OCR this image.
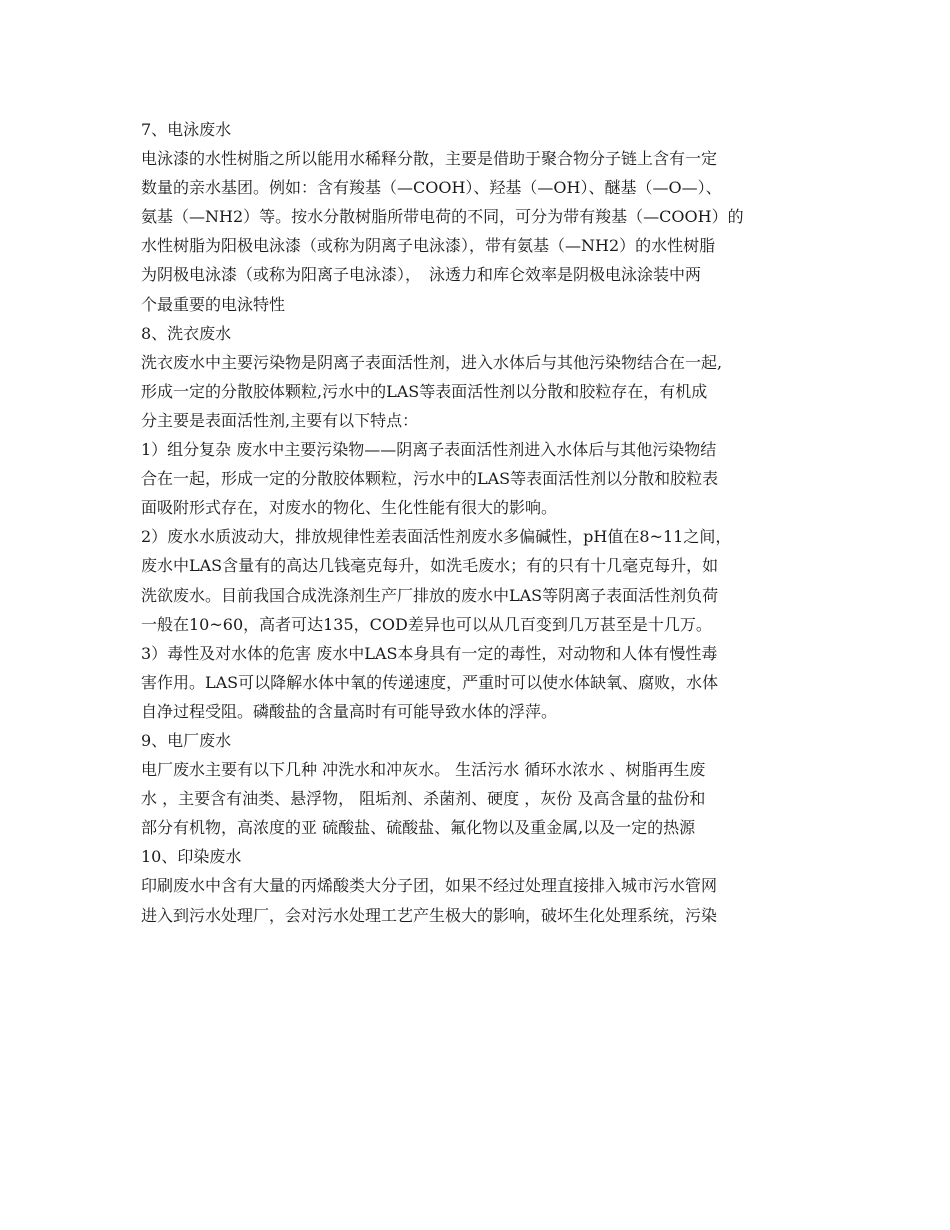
7、电泳废水
电泳漆的水性树脂之所以能用水稀释分散，主要是借助于聚合物分子链上含有一定
数量的亲水基团。例如：含有羧基（—COOH）、羟基（—OH）、醚基（—O—）、
氨基（—NH2）等。按水分散树脂所带电荷的不同，可分为带有羧基（—COOH）的
水性树脂为阳极电泳漆（或称为阴离子电泳漆），带有氨基（—NH2）的水性树脂
为阴极电泳漆（或称为阳离子电泳漆），　泳透力和库仑效率是阴极电泳涂装中两
个最重要的电泳特性
8、洗衣废水
洗衣废水中主要污染物是阴离子表面活性剂，进入水体后与其他污染物结合在一起,
形成一定的分散胶体颗粒,污水中的LAS等表面活性剂以分散和胶粒存在，有机成
分主要是表面活性剂,主要有以下特点：
1）组分复杂 废水中主要污染物——阴离子表面活性剂进入水体后与其他污染物结
合在一起，形成一定的分散胶体颗粒，污水中的LAS等表面活性剂以分散和胶粒表
面吸附形式存在，对废水的物化、生化性能有很大的影响。
2）废水水质波动大，排放规律性差表面活性剂废水多偏碱性，pH值在8~11之间，
废水中LAS含量有的高达几钱毫克每升，如洗毛废水；有的只有十几毫克每升，如
洗欲废水。目前我国合成洗涤剂生产厂排放的废水中LAS等阴离子表面活性剂负荷
一般在10~60，高者可达135，COD差异也可以从几百变到几万甚至是十几万。
3）毒性及对水体的危害 废水中LAS本身具有一定的毒性，对动物和人体有慢性毒
害作用。LAS可以降解水体中氧的传递速度，严重时可以使水体缺氧、腐败，水体
自净过程受阻。磷酸盐的含量高时有可能导致水体的浮萍。
9、电厂废水
电厂废水主要有以下几种 冲洗水和冲灰水。 生活污水 循环水浓水 、树脂再生废
水 ，主要含有油类、悬浮物， 阻垢剂、杀菌剂、硬度 ，灰份 及高含量的盐份和
部分有机物，高浓度的亚 硫酸盐、硫酸盐、氟化物以及重金属,以及一定的热源
10、印染废水
印刷废水中含有大量的丙烯酸类大分子团，如果不经过处理直接排入城市污水管网
进入到污水处理厂，会对污水处理工艺产生极大的影响，破坏生化处理系统，污染
